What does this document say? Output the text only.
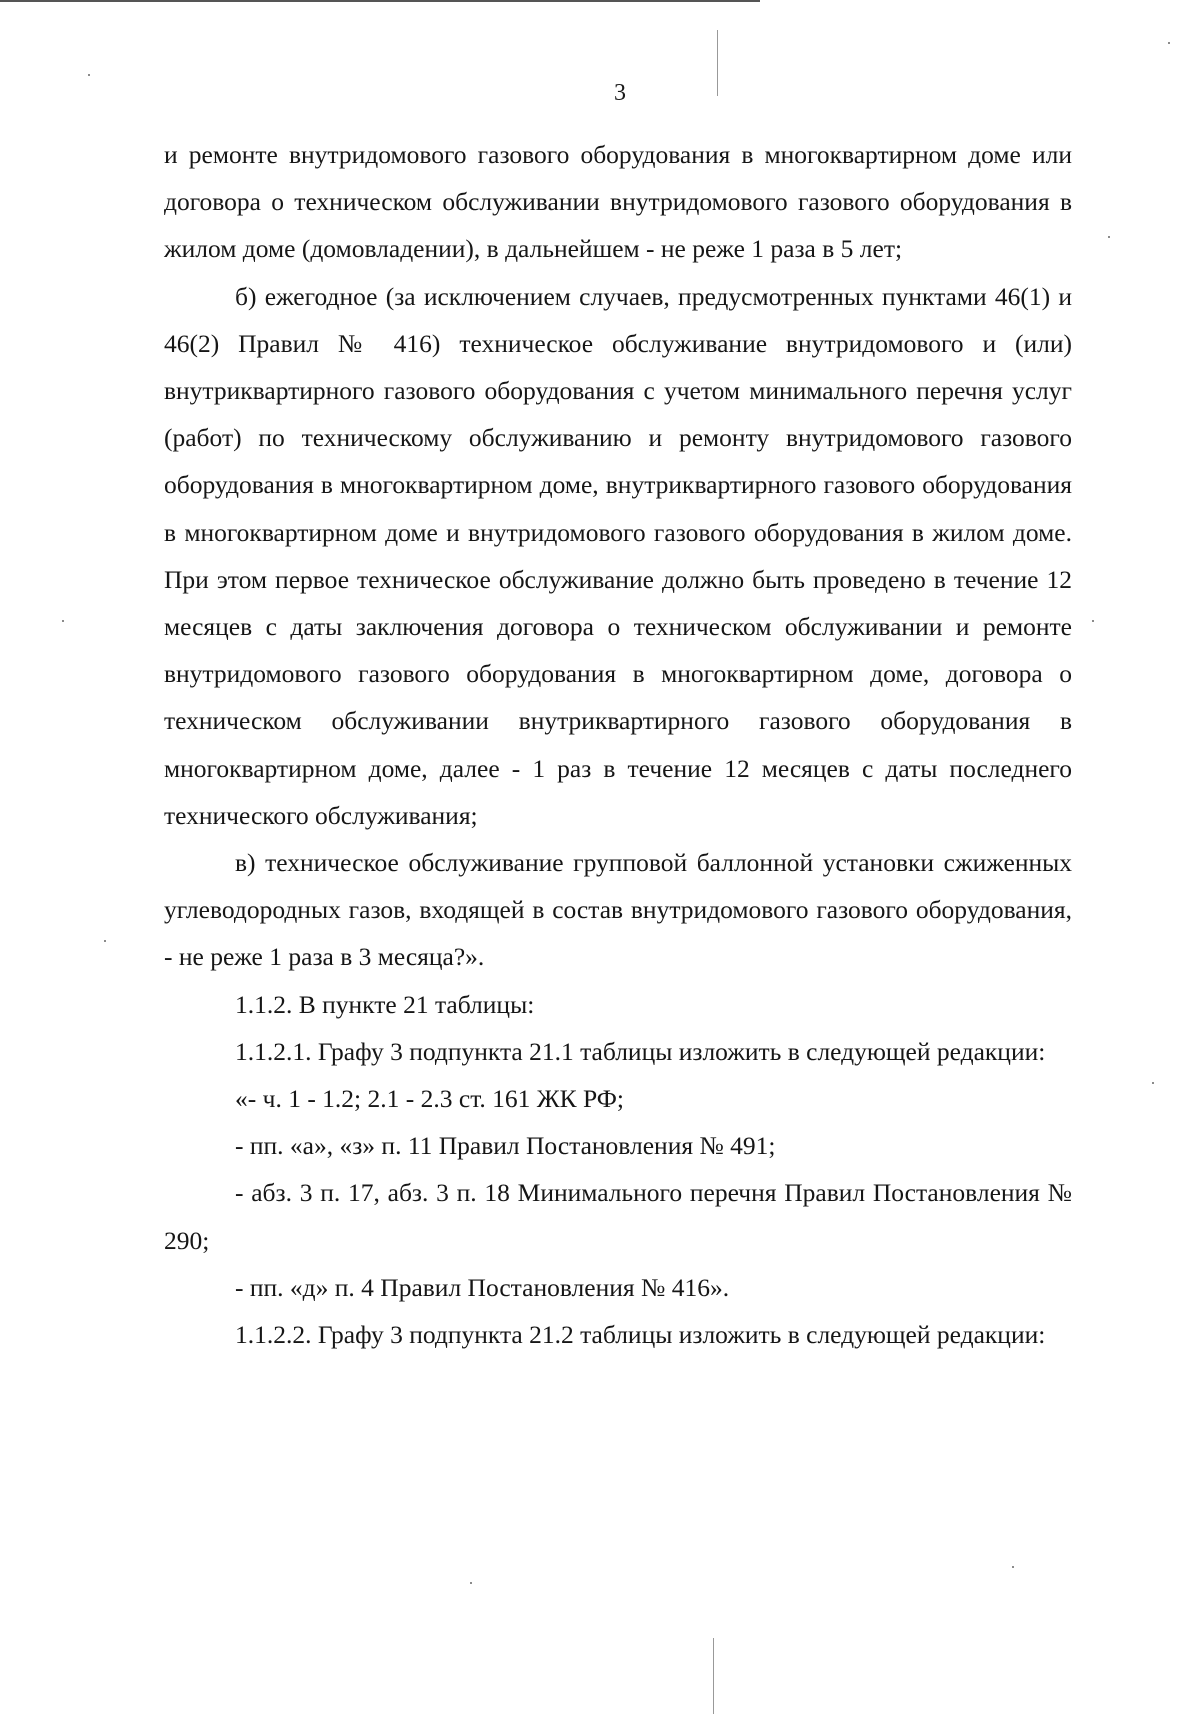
3

и ремонте внутридомового газового оборудования в многоквартирном доме или договора о техническом обслуживании внутридомового газового оборудования в жилом доме (домовладении), в дальнейшем - не реже 1 раза в 5 лет;

б) ежегодное (за исключением случаев, предусмотренных пунктами 46(1) и 46(2) Правил № 416) техническое обслуживание внутридомового и (или) внутриквартирного газового оборудования с учетом минимального перечня услуг (работ) по техническому обслуживанию и ремонту внутридомового газового оборудования в многоквартирном доме, внутриквартирного газового оборудования в многоквартирном доме и внутридомового газового оборудования в жилом доме. При этом первое техническое обслуживание должно быть проведено в течение 12 месяцев с даты заключения договора о техническом обслуживании и ремонте внутридомового газового оборудования в многоквартирном доме, договора о техническом обслуживании внутриквартирного газового оборудования в многоквартирном доме, далее - 1 раз в течение 12 месяцев с даты последнего технического обслуживания;

в) техническое обслуживание групповой баллонной установки сжиженных углеводородных газов, входящей в состав внутридомового газового оборудования, - не реже 1 раза в 3 месяца?».

1.1.2. В пункте 21 таблицы:

1.1.2.1. Графу 3 подпункта 21.1 таблицы изложить в следующей редакции:

«- ч. 1 - 1.2; 2.1 - 2.3 ст. 161 ЖК РФ;

- пп. «а», «з» п. 11 Правил Постановления № 491;

- абз. 3 п. 17, абз. 3 п. 18 Минимального перечня Правил Постановления № 290;

- пп. «д» п. 4 Правил Постановления № 416».

1.1.2.2. Графу 3 подпункта 21.2 таблицы изложить в следующей редакции:
